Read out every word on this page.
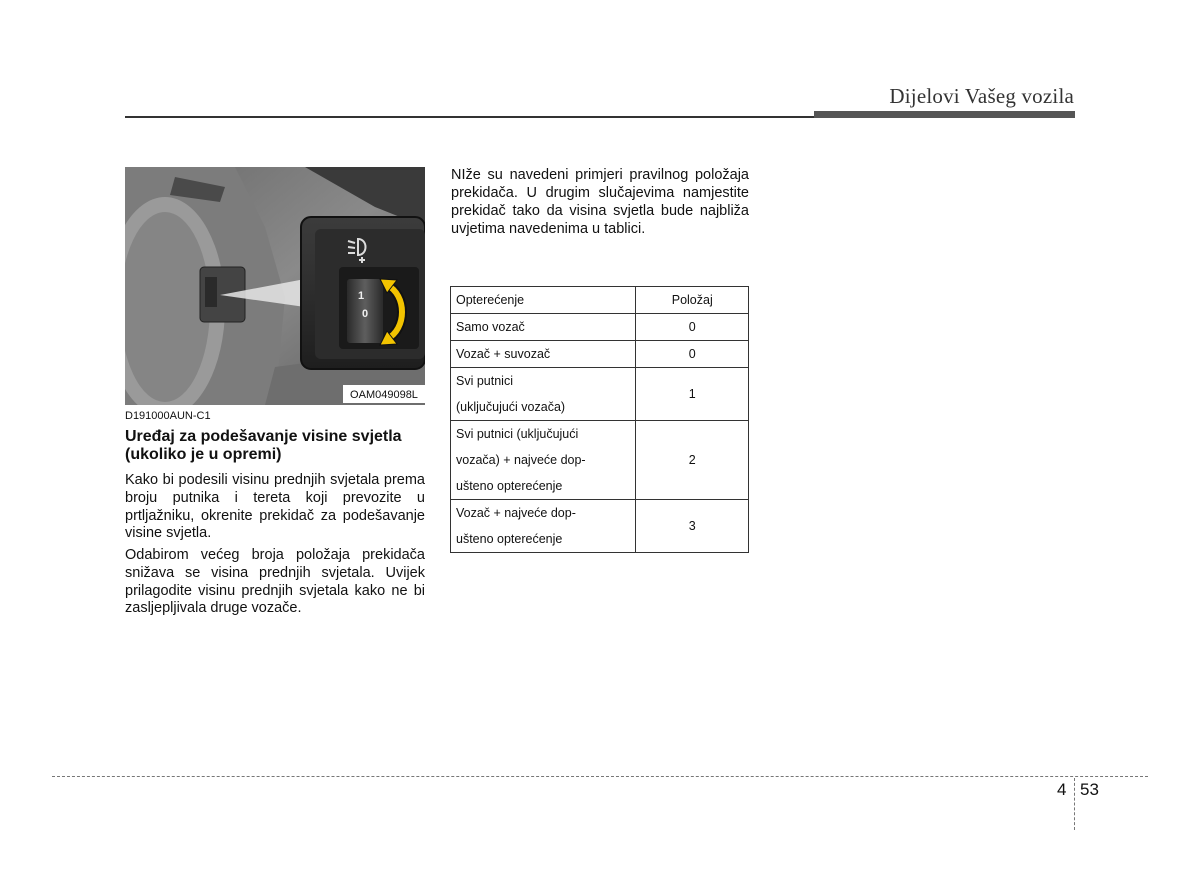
Dijelovi Vašeg vozila
1
0
OAM049098L
D191000AUN-C1
Uređaj za podešavanje visine svjetla (ukoliko je u opremi)
Kako bi podesili visinu prednjih svjetala prema broju putnika i tereta koji prevozite u prtljažniku, okrenite prekidač za podešavanje visine svjetla.
Odabirom većeg broja položaja prekidača snižava se visina prednjih svjetala. Uvijek prilagodite visinu prednjih svjetala kako ne bi zasljepljivala druge vozače.
NIže su navedeni primjeri pravilnog položaja prekidača. U drugim slučajevima namjestite prekidač tako da visina svjetla bude najbliža uvjetima navedenima u tablici.
Opterećenje	Položaj

Samo vozač	0

Vozač + suvozač	0

Svi putnici
(uključujući vozača)	1

Svi putnici (uključujući
vozača) + najveće dop-
ušteno opterećenje	2

Vozač + najveće dop-
ušteno opterećenje	3
4 53
